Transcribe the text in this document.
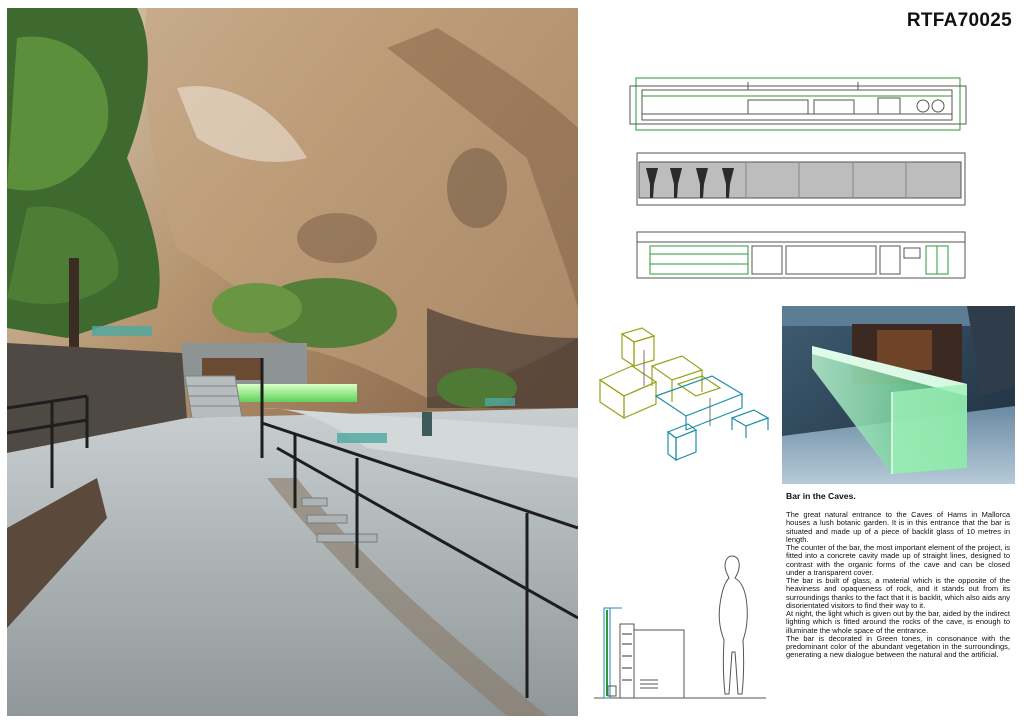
RTFA70025
Bar in the Caves.

The great natural entrance to the Caves of Hams in Mallorca houses a lush botanic garden. It is in this entrance that the bar is situated and made up of a piece of backlit glass of 10 metres in length.

The counter of the bar, the most important element of the project, is fitted into a concrete cavity made up of straight lines, designed to contrast with the organic forms of the cave and can be closed under a transparent cover.

The bar is built of glass, a material which is the opposite of the heaviness and opaqueness of rock, and it stands out from its surroundings thanks to the fact that it is backlit, which also aids any disorientated visitors to find their way to it.

At night, the light which is given out by the bar, aided by the indirect lighting which is fitted around the rocks of the cave, is enough to illuminate the whole space of the entrance.

The bar is decorated in Green tones, in consonance with the predominant color of the abundant vegetation in the surroundings, generating a new dialogue between the natural and the artificial.
